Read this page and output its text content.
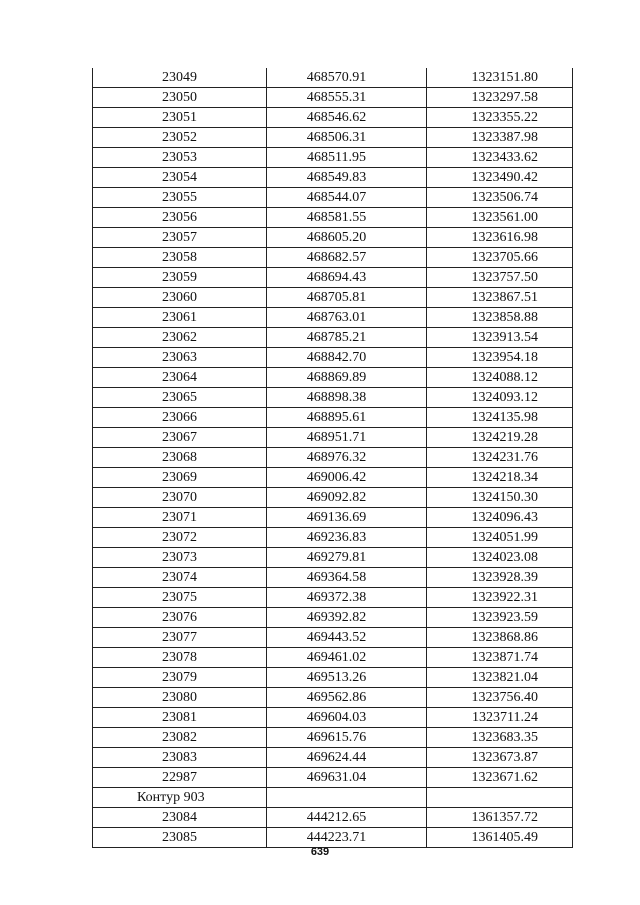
23049	468570.91	1323151.80
23050	468555.31	1323297.58
23051	468546.62	1323355.22
23052	468506.31	1323387.98
23053	468511.95	1323433.62
23054	468549.83	1323490.42
23055	468544.07	1323506.74
23056	468581.55	1323561.00
23057	468605.20	1323616.98
23058	468682.57	1323705.66
23059	468694.43	1323757.50
23060	468705.81	1323867.51
23061	468763.01	1323858.88
23062	468785.21	1323913.54
23063	468842.70	1323954.18
23064	468869.89	1324088.12
23065	468898.38	1324093.12
23066	468895.61	1324135.98
23067	468951.71	1324219.28
23068	468976.32	1324231.76
23069	469006.42	1324218.34
23070	469092.82	1324150.30
23071	469136.69	1324096.43
23072	469236.83	1324051.99
23073	469279.81	1324023.08
23074	469364.58	1323928.39
23075	469372.38	1323922.31
23076	469392.82	1323923.59
23077	469443.52	1323868.86
23078	469461.02	1323871.74
23079	469513.26	1323821.04
23080	469562.86	1323756.40
23081	469604.03	1323711.24
23082	469615.76	1323683.35
23083	469624.44	1323673.87
22987	469631.04	1323671.62
Контур 903		
23084	444212.65	1361357.72
23085	444223.71	1361405.49
639
